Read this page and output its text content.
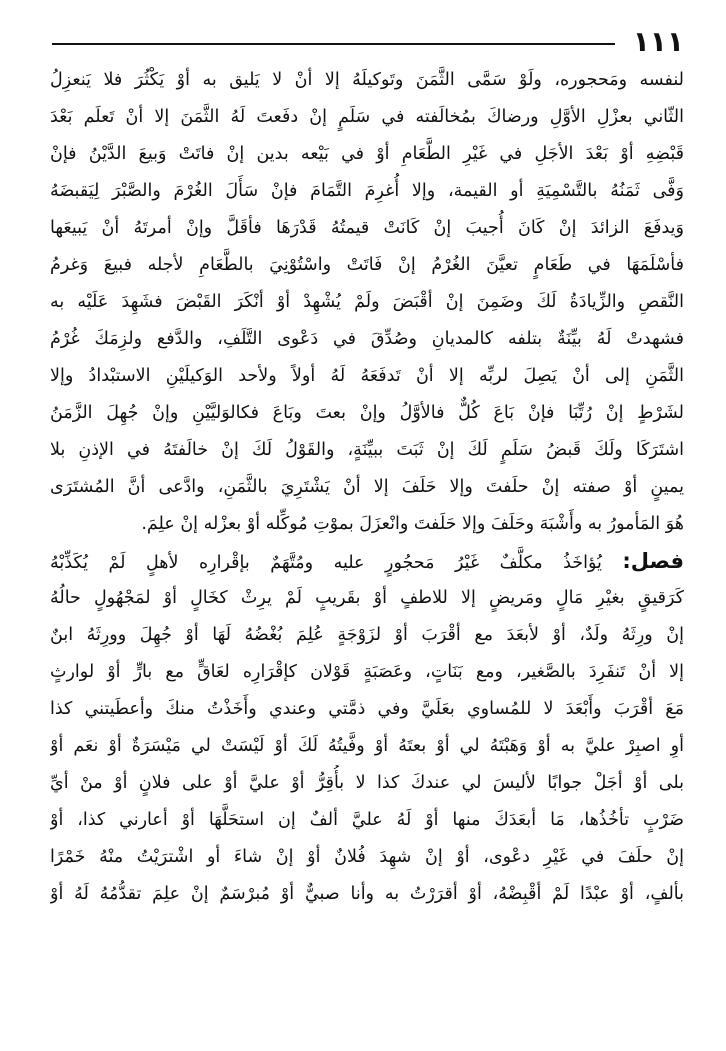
١١١
لنفسه ومَحجوره، ولَوْ سَمَّى الثَّمَنَ وتَوكيلَهُ إلا أنْ لا يَليق به أوْ يَكْثُرَ فلا يَنعزِلُ
الثّاني بعزْلِ الأوَّلِ ورضاكَ بمُخالَفته في سَلَمٍ إنْ دفَعتَ لَهُ الثَّمَنَ إلا أنْ تَعلَم بَعْدَ
قَبْضِهِ أوْ بَعْدَ الأجَلِ في غَيْرِ الطَّعَامِ أوْ في بَيْعه بدين إنْ فاتَتْ وَبيعَ الدَّيْنُ فإنْ
وَفَّى ثَمَنُهُ بالتَّسْمِيَةِ أو القيمة، وإلا أُغرِمَ التَّمَامَ فإنْ سَأَلَ الغُرْمَ والصَّبْرَ لِيَقبضَهُ
وَيدفَعَ الزائدَ إنْ كَانَ أُجيبَ إنْ كَانَتْ قيمتُهُ قَدْرَهَا فأقَلَّ وإنْ أمرتَهُ أنْ يَبيعَها
فأسْلَمَهَا في طَعَامٍ تعيَّنَ الغُرْمُ إنْ فَاتَتْ واسْتُوْنِيَ بالطَّعَامِ لأجله فبيعَ وَغرمُ
النَّقصِ والزِّيادَةُ لَكَ وضَمِنَ إنْ أقْبَضَ ولَمْ يُشْهِدْ أوْ أنْكَرَ القَبْضَ فشَهِدَ عَلَيْه به
فشهدتْ لَهُ بيِّنَةٌ بتلفه كالمديانِ وصُدِّقَ في دَعْوى التَّلَفِ، والدَّفع ولزِمَكَ غُرْمُ
الثَّمَنِ إلى أنْ يَصِلَ لربِّه إلا أنْ تَدفَعَهُ لَهُ أولاً ولأحد الوَكيلَيْنِ الاستبْدادُ وإلا
لشَرْطٍ إنْ رُتِّبَا فإنْ بَاعَ كُلٌّ فالأوَّلُ وإنْ بعتَ وبَاعَ فكالوَليَّيْنِ وإنْ جُهِلَ الزَّمَنُ
اشتَرَكَا ولَكَ قَبضُ سَلَمٍ لَكَ إنْ ثَبَتَ ببيِّنَةٍ، والقَوْلُ لَكَ إنْ خالَفتَهُ في الإذنِ بلا
يمينٍ أوْ صفته إنْ حلَفتَ وإلا حَلَفَ إلا أنْ يَشْتَرِيَ بالثَّمَنِ، وادَّعى أنَّ المُشتَرَى
هُوَ المَأمورُ به وأَشْبَهَ وحَلَفَ وإلا حَلَفتَ وانْعزَلَ بموْتِ مُوكِّله أوْ بعزْله إنْ علِمَ.
فصل: يُؤاخَذُ مكلَّفٌ غَيْرُ مَحجُورٍ عليه ومُتَّهَمٌ بإقْرارِه لأهلٍ لَمْ يُكَذِّبْهُ
كَرَقيقٍ بغيْرِ مَالٍ ومَريضٍ إلا للاطفٍ أوْ بقَريبٍ لَمْ يرِثْ كخَالٍ أوْ لمَجْهُولٍ حالُهُ
إنْ ورِثَهُ ولَدٌ، أوْ لأبعَدَ مع أقْرَبَ أوْ لزَوْجَةٍ عُلِمَ بُغْضُهُ لَهَا أوْ جُهِلَ وورِثَهُ ابنٌ
إلا أنْ تَنفَرِدَ بالصَّغير، ومع بَنَاتٍ، وعَصَبَةٍ قَوْلان كإقْرَارِه لعَاقٍّ مع بارٍّ أوْ لوارثٍ
مَعَ أقْرَبَ وأَبْعَدَ لا للمُساوي بعَلَيَّ وفي ذمَّتي وعندي وأَخَذْتُ منكَ وأعطَيتني كذا
أوِ اصبِرْ عليَّ به أوْ وَهَبْتَهُ لي أوْ بعتَهُ أوْ وفَّيتُهُ لَكَ أوْ لَيْسَتْ لي مَيْسَرَةٌ أوْ نعَم أوْ
بلى أوْ أجَلْ جوابًا لأليسَ لي عندكَ كذا لا بأُقِرُّ أوْ عليَّ أوْ على فلانٍ أوْ منْ أيِّ
ضَرْبٍ تأخُذُها، مَا أبعَدَكَ منها أوْ لَهُ عليَّ ألفٌ إن استحَلَّهَا أوْ أعارني كذا، أوْ
إنْ حلَفَ في غَيْرِ دعْوى، أوْ إنْ شهِدَ فُلانٌ أوْ إنْ شاءَ أو اشْترَيْتُ منْهُ خَمْرًا
بألفٍ، أوْ عبْدًا لَمْ أقْبِضْهُ، أوْ أقرَرْتُ به وأنا صبيٌّ أوْ مُبرْسَمٌ إنْ علِمَ تقدُّمُهُ لَهُ أوْ
